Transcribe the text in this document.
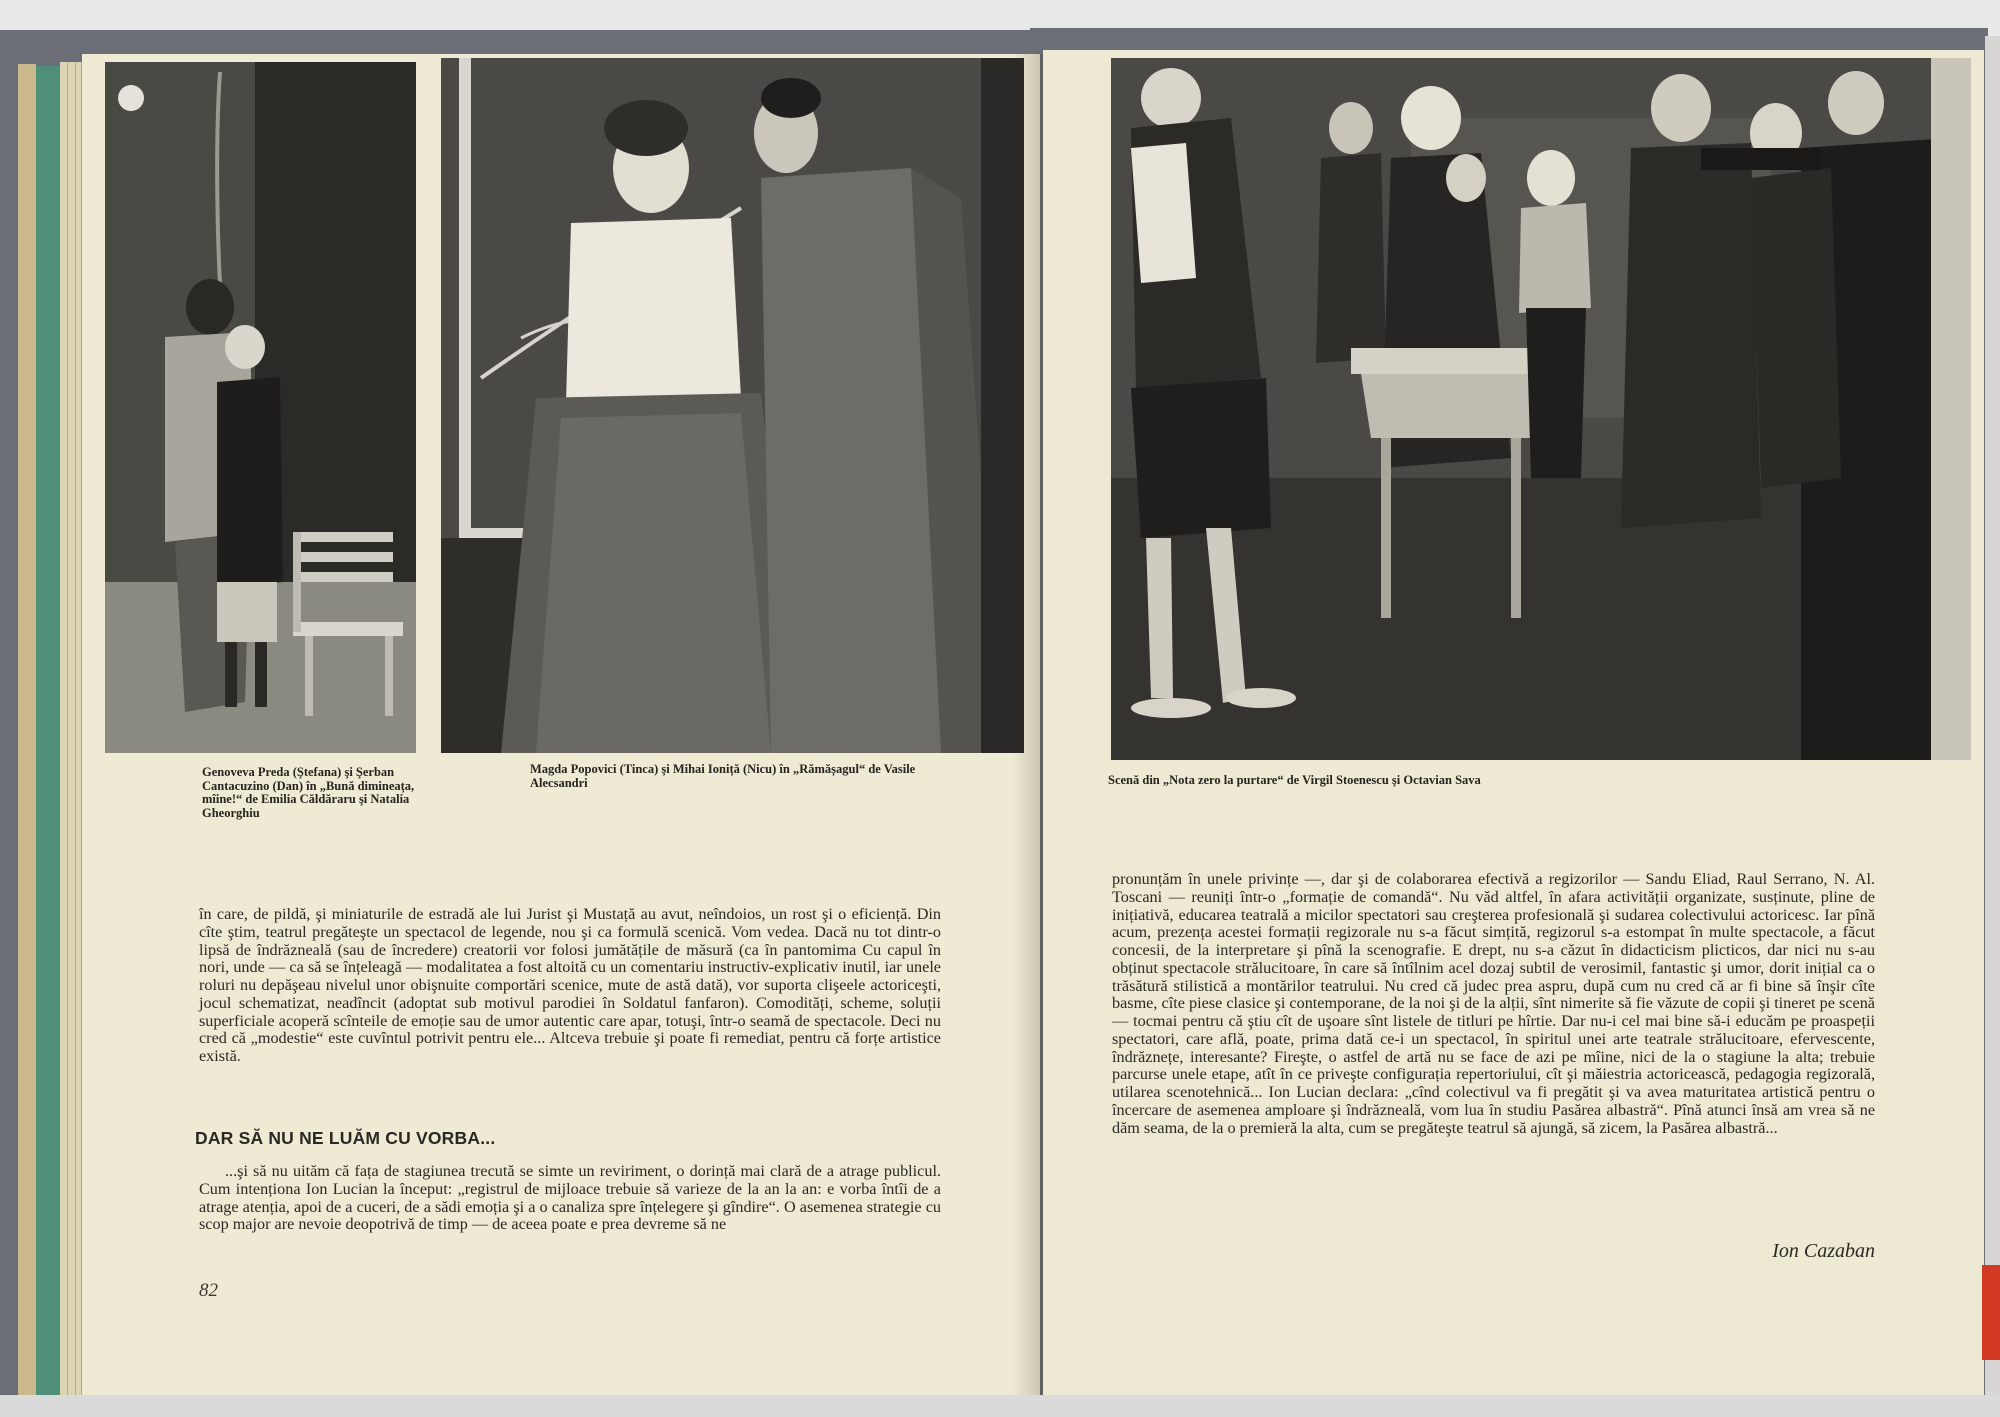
Genoveva Preda (Ştefana) şi Şerban Cantacuzino (Dan) în „Bună dimineața, mîine!“ de Emilia Căldăraru şi Natalia Gheorghiu
Magda Popovici (Tinca) şi Mihai Ioniță (Nicu) în „Rămășagul“ de Vasile Alecsandri

în care, de pildă, şi miniaturile de estradă ale lui Jurist şi Mustață au avut, neîndoios, un rost şi o eficiență. Din cîte ştim, teatrul pregăteşte un spectacol de legende, nou şi ca formulă scenică. Vom vedea. Dacă nu tot dintr-o lipsă de îndrăzneală (sau de încredere) creatorii vor folosi jumătățile de măsură (ca în pantomima Cu capul în nori, unde — ca să se înțeleagă — modalitatea a fost altoită cu un comentariu instructiv-explicativ inutil, iar unele roluri nu depăşeau nivelul unor obişnuite comportări scenice, mute de astă dată), vor suporta clişeele actoriceşti, jocul schematizat, neadîncit (adoptat sub motivul parodiei în Soldatul fanfaron). Comodități, scheme, soluții superficiale acoperă scînteile de emoție sau de umor autentic care apar, totuşi, într-o seamă de spectacole. Deci nu cred că „modestie“ este cuvîntul potrivit pentru ele... Altceva trebuie şi poate fi remediat, pentru că forțe artistice există.

DAR SĂ NU NE LUĂM CU VORBA...

...şi să nu uităm că fața de stagiunea trecută se simte un reviriment, o dorință mai clară de a atrage publicul. Cum intenționa Ion Lucian la început: „registrul de mijloace trebuie să varieze de la an la an: e vorba întîi de a atrage atenția, apoi de a cuceri, de a sădi emoția şi a o canaliza spre înțelegere şi gîndire“. O asemenea strategie cu scop major are nevoie deopotrivă de timp — de aceea poate e prea devreme să ne

82
Scenă din „Nota zero la purtare“ de Virgil Stoenescu şi Octavian Sava

pronunțăm în unele privințe —, dar şi de colaborarea efectivă a regizorilor — Sandu Eliad, Raul Serrano, N. Al. Toscani — reuniți într-o „formație de comandă“. Nu văd altfel, în afara activității organizate, susținute, pline de inițiativă, educarea teatrală a micilor spectatori sau creşterea profesională şi sudarea colectivului actoricesc. Iar pînă acum, prezența acestei formații regizorale nu s-a făcut simțită, regizorul s-a estompat în multe spectacole, a făcut concesii, de la interpretare şi pînă la scenografie. E drept, nu s-a căzut în didacticism plicticos, dar nici nu s-au obținut spectacole strălucitoare, în care să întîlnim acel dozaj subtil de verosimil, fantastic şi umor, dorit inițial ca o trăsătură stilistică a montărilor teatrului. Nu cred că judec prea aspru, după cum nu cred că ar fi bine să înşir cîte basme, cîte piese clasice şi contemporane, de la noi şi de la alții, sînt nimerite să fie văzute de copii şi tineret pe scenă — tocmai pentru că ştiu cît de uşoare sînt listele de titluri pe hîrtie. Dar nu-i cel mai bine să-i educăm pe proaspeții spectatori, care află, poate, prima dată ce-i un spectacol, în spiritul unei arte teatrale strălucitoare, efervescente, îndrăznețe, interesante? Fireşte, o astfel de artă nu se face de azi pe mîine, nici de la o stagiune la alta; trebuie parcurse unele etape, atît în ce priveşte configurația repertoriului, cît şi măiestria actoricească, pedagogia regizorală, utilarea scenotehnică... Ion Lucian declara: „cînd colectivul va fi pregătit şi va avea maturitatea artistică pentru o încercare de asemenea amploare şi îndrăzneală, vom lua în studiu Pasărea albastră“. Pînă atunci însă am vrea să ne dăm seama, de la o premieră la alta, cum se pregăteşte teatrul să ajungă, să zicem, la Pasărea albastră...

Ion Cazaban
